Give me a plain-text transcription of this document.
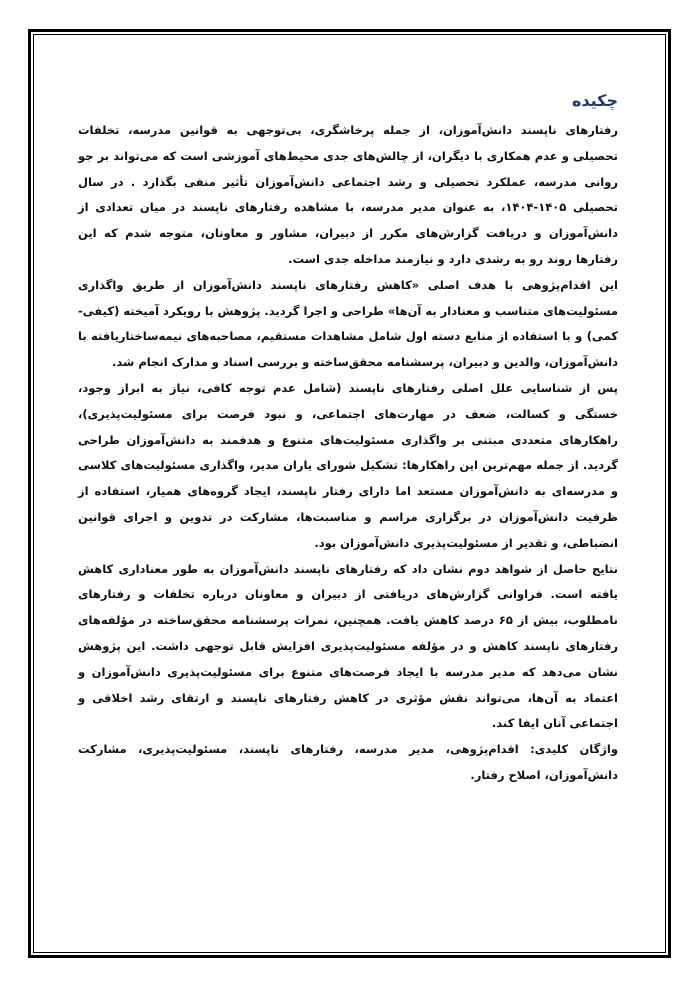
چکیده

رفتارهای ناپسند دانش‌آموزان، از جمله پرخاشگری، بی‌توجهی به قوانین مدرسه، تخلفات تحصیلی و عدم همکاری با دیگران، از چالش‌های جدی محیط‌های آموزشی است که می‌تواند بر جو روانی مدرسه، عملکرد تحصیلی و رشد اجتماعی دانش‌آموزان تأثیر منفی بگذارد . در سال تحصیلی ۱۴۰۵-۱۴۰۴، به عنوان مدیر مدرسه، با مشاهده رفتارهای ناپسند در میان تعدادی از دانش‌آموزان و دریافت گزارش‌های مکرر از دبیران، مشاور و معاونان، متوجه شدم که این رفتارها روند رو به رشدی دارد و نیازمند مداخله جدی است.

این اقدام‌پژوهی با هدف اصلی «کاهش رفتارهای ناپسند دانش‌آموزان از طریق واگذاری مسئولیت‌های متناسب و معنادار به آن‌ها» طراحی و اجرا گردید. پژوهش با رویکرد آمیخته (کیفی-کمی) و با استفاده از منابع دسته اول شامل مشاهدات مستقیم، مصاحبه‌های نیمه‌ساختاریافته با دانش‌آموزان، والدین و دبیران، پرسشنامه محقق‌ساخته و بررسی اسناد و مدارک انجام شد.

پس از شناسایی علل اصلی رفتارهای ناپسند (شامل عدم توجه کافی، نیاز به ابراز وجود، خستگی و کسالت، ضعف در مهارت‌های اجتماعی، و نبود فرصت برای مسئولیت‌پذیری)، راهکارهای متعددی مبتنی بر واگذاری مسئولیت‌های متنوع و هدفمند به دانش‌آموزان طراحی گردید. از جمله مهم‌ترین این راهکارها: تشکیل شورای یاران مدیر، واگذاری مسئولیت‌های کلاسی و مدرسه‌ای به دانش‌آموزان مستعد اما دارای رفتار ناپسند، ایجاد گروه‌های همیار، استفاده از ظرفیت دانش‌آموزان در برگزاری مراسم و مناسبت‌ها، مشارکت در تدوین و اجرای قوانین انضباطی، و تقدیر از مسئولیت‌پذیری دانش‌آموزان بود.

نتایج حاصل از شواهد دوم نشان داد که رفتارهای ناپسند دانش‌آموزان به طور معناداری کاهش یافته است. فراوانی گزارش‌های دریافتی از دبیران و معاونان درباره تخلفات و رفتارهای نامطلوب، بیش از ۶۵ درصد کاهش یافت. همچنین، نمرات پرسشنامه محقق‌ساخته در مؤلفه‌های رفتارهای ناپسند کاهش و در مؤلفه مسئولیت‌پذیری افزایش قابل توجهی داشت. این پژوهش نشان می‌دهد که مدیر مدرسه با ایجاد فرصت‌های متنوع برای مسئولیت‌پذیری دانش‌آموزان و اعتماد به آن‌ها، می‌تواند نقش مؤثری در کاهش رفتارهای ناپسند و ارتقای رشد اخلاقی و اجتماعی آنان ایفا کند.

واژگان کلیدی: اقدام‌پژوهی، مدیر مدرسه، رفتارهای ناپسند، مسئولیت‌پذیری، مشارکت دانش‌آموزان، اصلاح رفتار.
